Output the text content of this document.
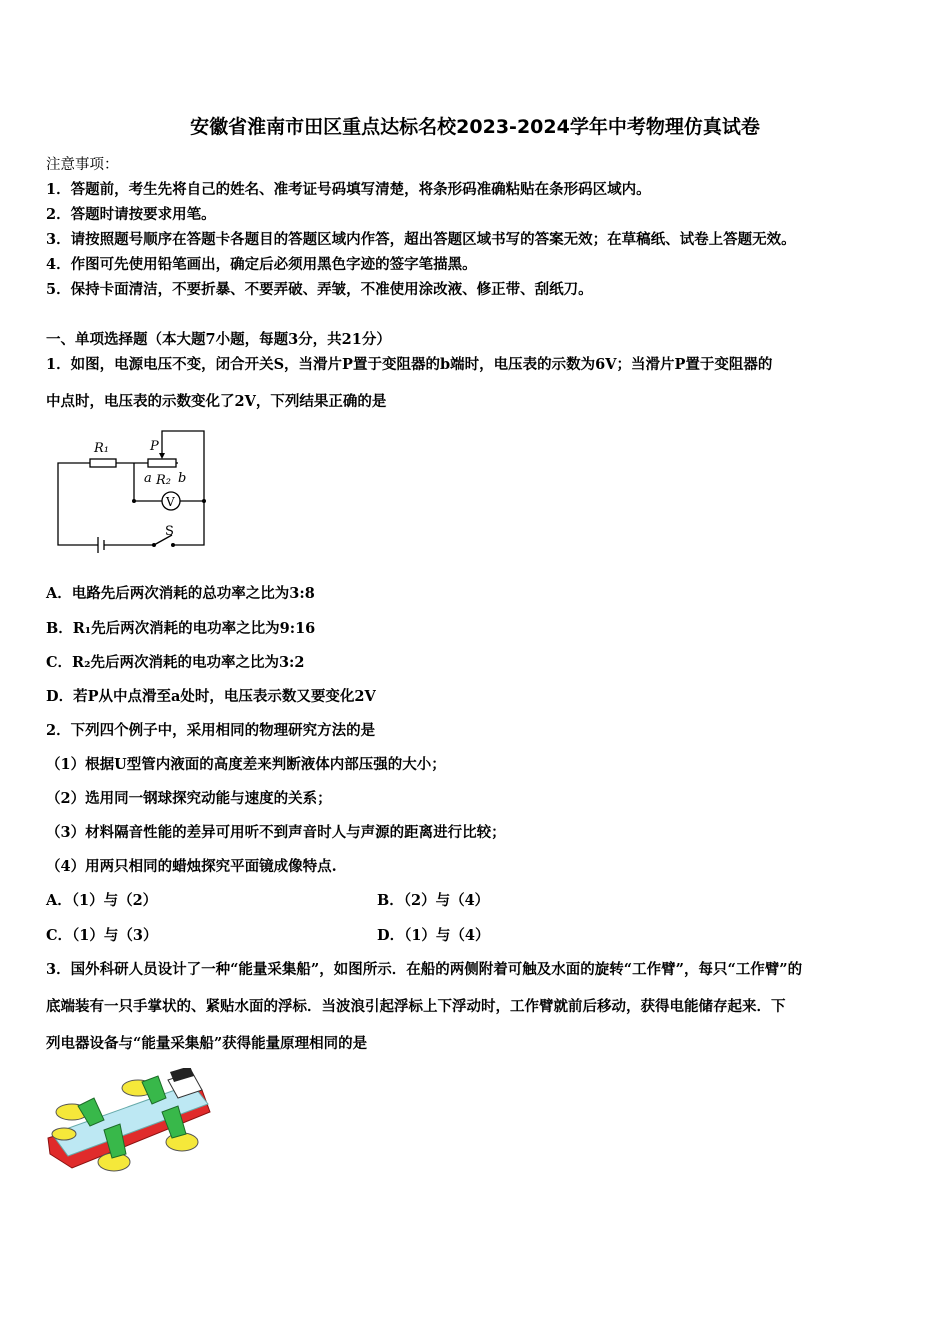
安徽省淮南市田区重点达标名校2023-2024学年中考物理仿真试卷
注意事项：
1．答题前，考生先将自己的姓名、准考证号码填写清楚，将条形码准确粘贴在条形码区域内。
2．答题时请按要求用笔。
3．请按照题号顺序在答题卡各题目的答题区域内作答，超出答题区域书写的答案无效；在草稿纸、试卷上答题无效。
4．作图可先使用铅笔画出，确定后必须用黑色字迹的签字笔描黑。
5．保持卡面清洁，不要折暴、不要弄破、弄皱，不准使用涂改液、修正带、刮纸刀。
一、单项选择题（本大题7小题，每题3分，共21分）
1．如图，电源电压不变，闭合开关S，当滑片P置于变阻器的b端时，电压表的示数为6V；当滑片P置于变阻器的
中点时，电压表的示数变化了2V，下列结果正确的是
R₁	P
a R₂ b
V
S
A．电路先后两次消耗的总功率之比为3:8
B．R₁先后两次消耗的电功率之比为9:16
C．R₂先后两次消耗的电功率之比为3:2
D．若P从中点滑至a处时，电压表示数又要变化2V
2．下列四个例子中，采用相同的物理研究方法的是
（1）根据U型管内液面的高度差来判断液体内部压强的大小；
（2）选用同一钢球探究动能与速度的关系；
（3）材料隔音性能的差异可用听不到声音时人与声源的距离进行比较；
（4）用两只相同的蜡烛探究平面镜成像特点.
A．（1）与（2）	B．（2）与（4）
C．（1）与（3）	D．（1）与（4）
3．国外科研人员设计了一种“能量采集船”，如图所示．在船的两侧附着可触及水面的旋转“工作臂”，每只“工作臂”的
底端装有一只手掌状的、紧贴水面的浮标．当波浪引起浮标上下浮动时，工作臂就前后移动，获得电能储存起来．下
列电器设备与“能量采集船”获得能量原理相同的是
